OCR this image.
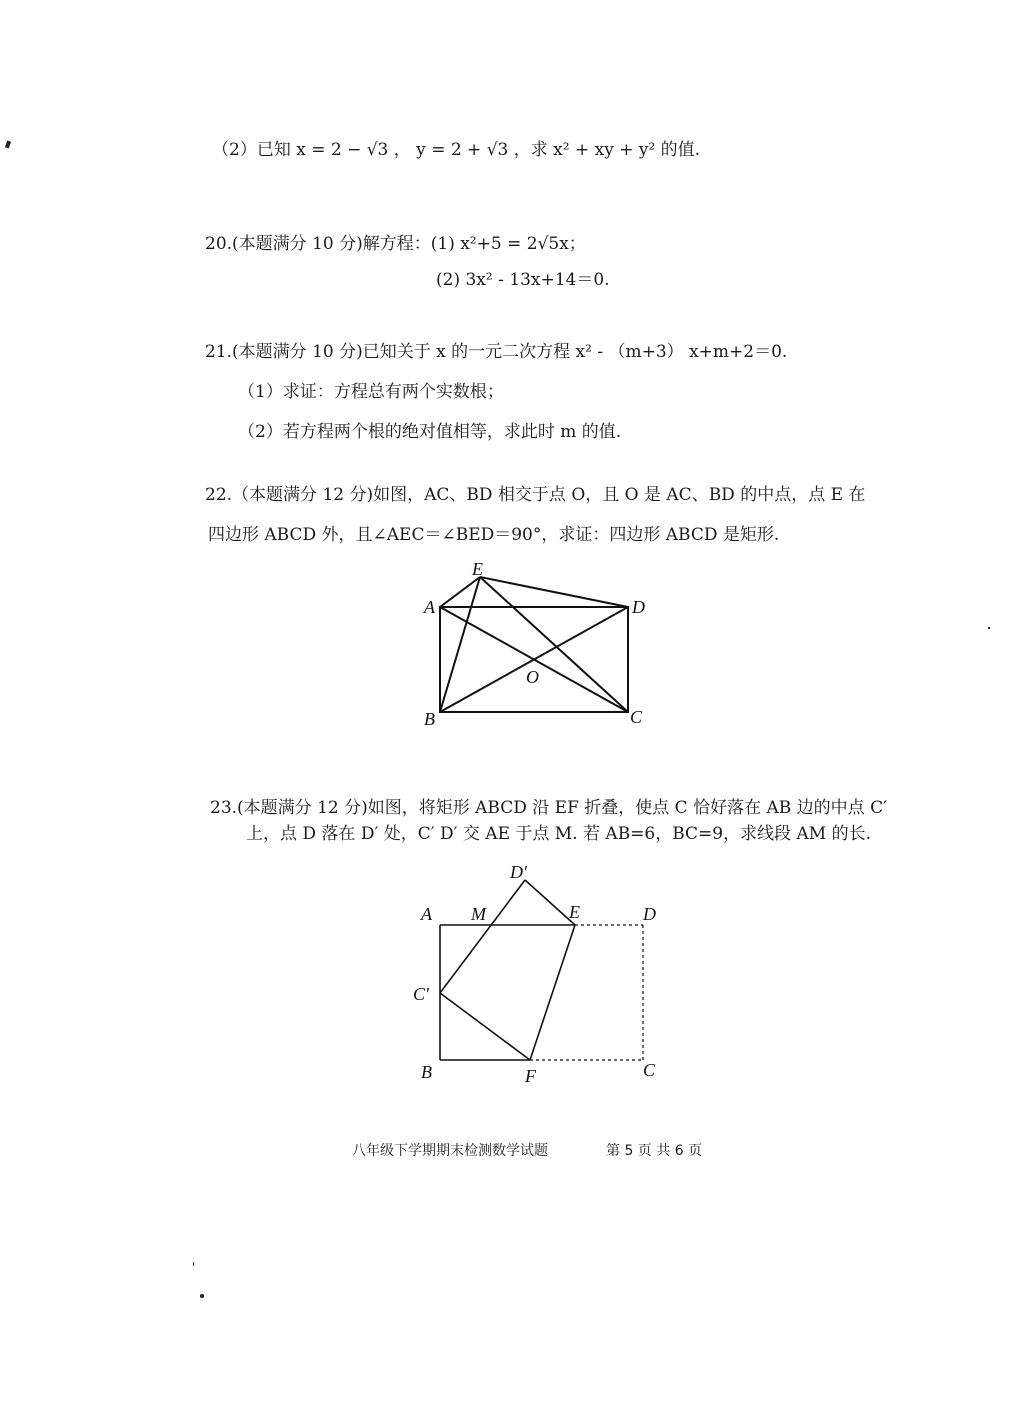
（2）已知 x = 2 − √3 ， y = 2 + √3 ，求 x² + xy + y² 的值.
20.(本题满分 10 分)解方程：(1) x²+5 = 2√5x；
(2) 3x² - 13x+14＝0.
21.(本题满分 10 分)已知关于 x 的一元二次方程 x² - （m+3） x+m+2＝0.
（1）求证：方程总有两个实数根；
（2）若方程两个根的绝对值相等，求此时 m 的值.
22.（本题满分 12 分)如图，AC、BD 相交于点 O，且 O 是 AC、BD 的中点，点 E 在
四边形 ABCD 外，且∠AEC＝∠BED＝90°，求证：四边形 ABCD 是矩形.
E
A	D
O
B	C
23.(本题满分 12 分)如图，将矩形 ABCD 沿 EF 折叠，使点 C 恰好落在 AB 边的中点 C′
上，点 D 落在 D′ 处，C′ D′ 交 AE 于点 M. 若 AB=6，BC=9，求线段 AM 的长.
D′
A M	E	D
C′
B	F	C
八年级下学期期末检测数学试题	第 5 页 共 6 页
